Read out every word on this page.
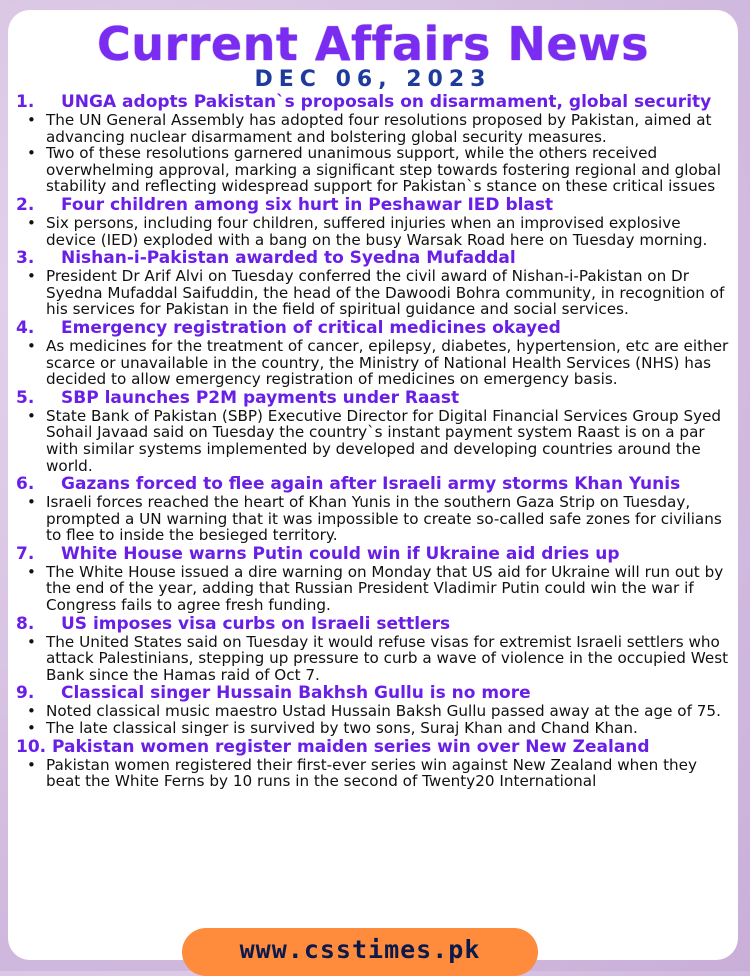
Current Affairs News
DEC 06, 2023
1.	UNGA adopts Pakistan`s proposals on disarmament, global security
• The UN General Assembly has adopted four resolutions proposed by Pakistan, aimed at advancing nuclear disarmament and bolstering global security measures.
• Two of these resolutions garnered unanimous support, while the others received overwhelming approval, marking a significant step towards fostering regional and global stability and reflecting widespread support for Pakistan`s stance on these critical issues
2.	Four children among six hurt in Peshawar IED blast
• Six persons, including four children, suffered injuries when an improvised explosive device (IED) exploded with a bang on the busy Warsak Road here on Tuesday morning.
3.	Nishan-i-Pakistan awarded to Syedna Mufaddal
• President Dr Arif Alvi on Tuesday conferred the civil award of Nishan-i-Pakistan on Dr Syedna Mufaddal Saifuddin, the head of the Dawoodi Bohra community, in recognition of his services for Pakistan in the field of spiritual guidance and social services.
4.	Emergency registration of critical medicines okayed
• As medicines for the treatment of cancer, epilepsy, diabetes, hypertension, etc are either scarce or unavailable in the country, the Ministry of National Health Services (NHS) has decided to allow emergency registration of medicines on emergency basis.
5.	SBP launches P2M payments under Raast
• State Bank of Pakistan (SBP) Executive Director for Digital Financial Services Group Syed Sohail Javaad said on Tuesday the country`s instant payment system Raast is on a par with similar systems implemented by developed and developing countries around the world.
6.	Gazans forced to flee again after Israeli army storms Khan Yunis
• Israeli forces reached the heart of Khan Yunis in the southern Gaza Strip on Tuesday, prompted a UN warning that it was impossible to create so-called safe zones for civilians to flee to inside the besieged territory.
7.	White House warns Putin could win if Ukraine aid dries up
• The White House issued a dire warning on Monday that US aid for Ukraine will run out by the end of the year, adding that Russian President Vladimir Putin could win the war if Congress fails to agree fresh funding.
8.	US imposes visa curbs on Israeli settlers
• The United States said on Tuesday it would refuse visas for extremist Israeli settlers who attack Palestinians, stepping up pressure to curb a wave of violence in the occupied West Bank since the Hamas raid of Oct 7.
9.	Classical singer Hussain Bakhsh Gullu is no more
• Noted classical music maestro Ustad Hussain Baksh Gullu passed away at the age of 75.
• The late classical singer is survived by two sons, Suraj Khan and Chand Khan.
10. Pakistan women register maiden series win over New Zealand
• Pakistan women registered their first-ever series win against New Zealand when they beat the White Ferns by 10 runs in the second of Twenty20 International
www.csstimes.pk
